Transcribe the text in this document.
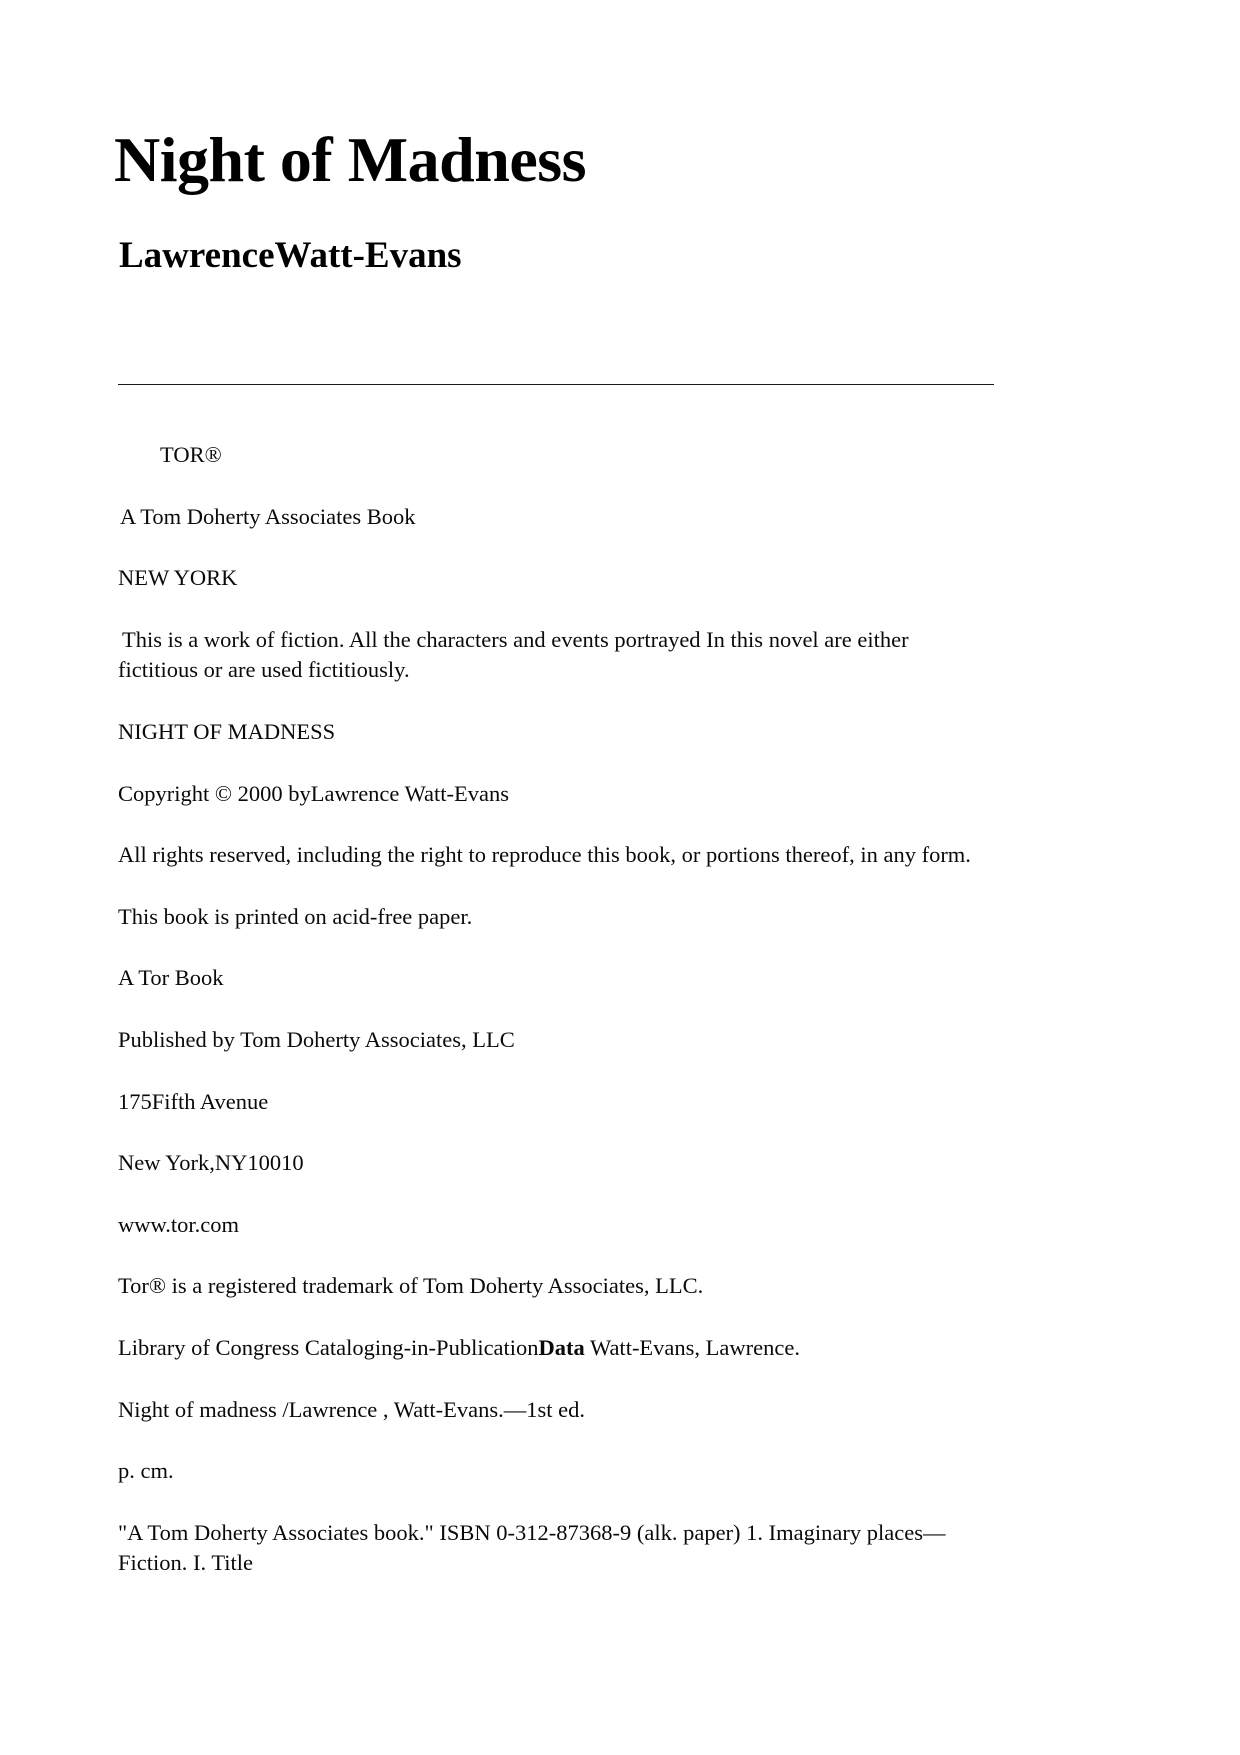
Night of Madness
LawrenceWatt-Evans

TOR®

A Tom Doherty Associates Book

NEW YORK

This is a work of fiction. All the characters and events portrayed In this novel are either fictitious or are used fictitiously.

NIGHT OF MADNESS

Copyright © 2000 byLawrence Watt-Evans

All rights reserved, including the right to reproduce this book, or portions thereof, in any form.

This book is printed on acid-free paper.

A Tor Book

Published by Tom Doherty Associates, LLC

175Fifth Avenue

New York,NY10010

www.tor.com

Tor® is a registered trademark of Tom Doherty Associates, LLC.

Library of Congress Cataloging-in-PublicationData Watt-Evans, Lawrence.

Night of madness /Lawrence , Watt-Evans.—1st ed.

p. cm.

"A Tom Doherty Associates book." ISBN 0-312-87368-9 (alk. paper) 1. Imaginary places—Fiction. I. Title
